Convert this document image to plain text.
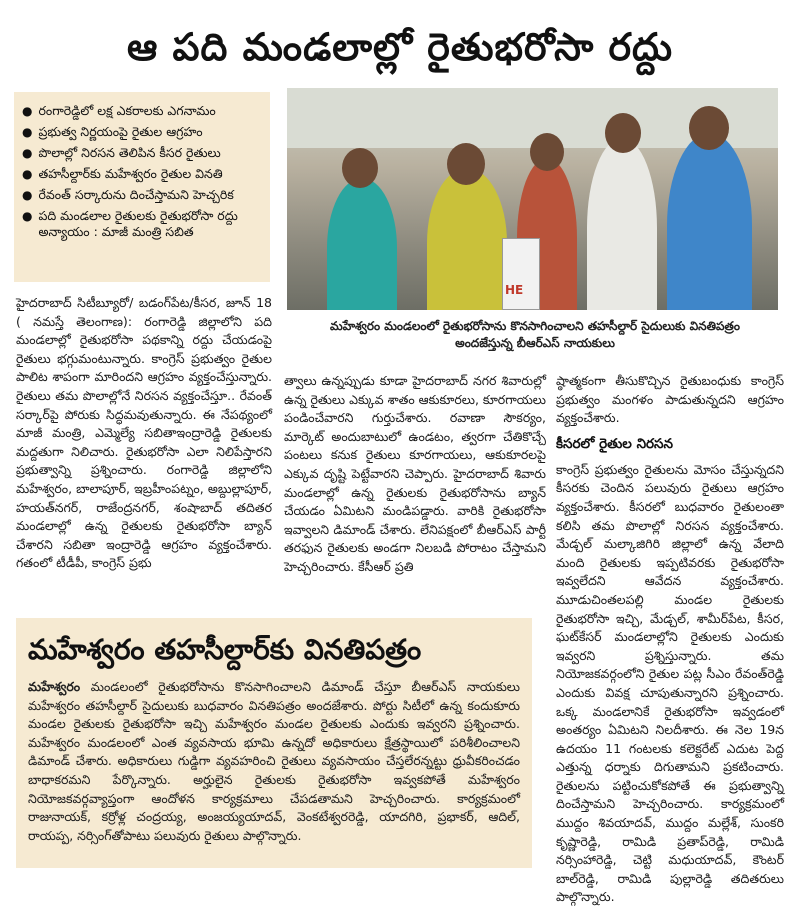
ఆ పది మండలాల్లో రైతుభరోసా రద్దు
● రంగారెడ్డిలో లక్ష ఎకరాలకు ఎగనామం
● ప్రభుత్వ నిర్ణయంపై రైతుల ఆగ్రహం
● పొలాల్లో నిరసన తెలిపిన కీసర రైతులు
● తహసీల్దార్‌కు మహేశ్వరం రైతుల వినతి
● రేవంత్ సర్కారును దించేస్తామని హెచ్చరిక
● పది మండలాల రైతులకు రైతుభరోసా రద్దు అన్యాయం : మాజీ మంత్రి సబిత
HE
మహేశ్వరం మండలంలో రైతుభరోసాను కొనసాగించాలని తహసీల్దార్ సైదులుకు వినతిపత్రం అందజేస్తున్న బీఆర్‌ఎస్ నాయకులు
హైదరాబాద్ సిటీబ్యూరో/ బడంగ్‌పేట/కీసర, జూన్ 18 ( నమస్తే తెలంగాణ): రంగారెడ్డి జిల్లాలోని పది మండలాల్లో రైతుభరోసా పథకాన్ని రద్దు చేయడంపై రైతులు భగ్గుమంటున్నారు. కాంగ్రెస్ ప్రభుత్వం రైతుల పాలిట శాపంగా మారిందని ఆగ్రహం వ్యక్తంచేస్తున్నారు. రైతులు తమ పొలాల్లోనే నిరసన వ్యక్తంచేస్తూ.. రేవంత్ సర్కార్‌పై పోరుకు సిద్ధమవుతున్నారు. ఈ నేపథ్యంలో మాజీ మంత్రి, ఎమ్మెల్యే సబితాఇంద్రారెడ్డి రైతులకు మద్దతుగా నిలిచారు. రైతుభరోసా ఎలా నిలిపేస్తారని ప్రభుత్వాన్ని ప్రశ్నించారు. రంగారెడ్డి జిల్లాలోని మహేశ్వరం, బాలాపూర్, ఇబ్రహీంపట్నం, అబ్దుల్లాపూర్, హయత్‌నగర్, రాజేంద్రనగర్, శంషాబాద్ తదితర మండలాల్లో ఉన్న రైతులకు రైతుభరోసా బ్యాన్ చేశారని సబితా ఇంద్రారెడ్డి ఆగ్రహం వ్యక్తంచేశారు. గతంలో టీడీపీ, కాంగ్రెస్ ప్రభు
త్వాలు ఉన్నప్పుడు కూడా హైదరాబాద్ నగర శివారుల్లో ఉన్న రైతులు ఎక్కువ శాతం ఆకుకూరలు, కూరగాయలు పండించేవారని గుర్తుచేశారు. రవాణా సౌకర్యం, మార్కెట్ అందుబాటులో ఉండటం, త్వరగా చేతికొచ్చే పంటలు కనుక రైతులు కూరగాయలు, ఆకుకూరలపై ఎక్కువ దృష్టి పెట్టేవారని చెప్పారు. హైదరాబాద్ శివారు మండలాల్లో ఉన్న రైతులకు రైతుభరోసాను బ్యాన్ చేయడం ఏమిటని మండిపడ్డారు. వారికి రైతుభరోసా ఇవ్వాలని డిమాండ్ చేశారు. లేనిపక్షంలో బీఆర్‌ఎస్ పార్టీ తరఫున రైతులకు అండగా నిలబడి పోరాటం చేస్తామని హెచ్చరించారు. కేసీఆర్ ప్రతి
ష్ఠాత్మకంగా తీసుకొచ్చిన రైతుబంధుకు కాంగ్రెస్ ప్రభుత్వం మంగళం పాడుతున్నదని ఆగ్రహం వ్యక్తంచేశారు.
కీసరలో రైతుల నిరసన
కాంగ్రెస్ ప్రభుత్వం రైతులను మోసం చేస్తున్నదని కీసరకు చెందిన పలువురు రైతులు ఆగ్రహం వ్యక్తంచేశారు. కీసరలో బుధవారం రైతులంతా కలిసి తమ పొలాల్లో నిరసన వ్యక్తంచేశారు. మేడ్చల్ మల్కాజిగిరి జిల్లాలో ఉన్న వేలాది మంది రైతులకు ఇప్పటివరకు రైతుభరోసా ఇవ్వలేదని ఆవేదన వ్యక్తంచేశారు. మూడుచింతలపల్లి మండల రైతులకు రైతుభరోసా ఇచ్చి, మేడ్చల్, శామీర్‌పేట, కీసర, ఘట్‌కేసర్ మండలాల్లోని రైతులకు ఎందుకు ఇవ్వరని ప్రశ్నిస్తున్నారు. తమ నియోజకవర్గంలోని రైతుల పట్ల సీఎం రేవంత్‌రెడ్డి ఎందుకు వివక్ష చూపుతున్నారని ప్రశ్నించారు. ఒక్క మండలానికే రైతుభరోసా ఇవ్వడంలో అంతర్యం ఏమిటని నిలదీశారు. ఈ నెల 19న ఉదయం 11 గంటలకు కలెక్టరేట్ ఎదుట పెద్ద ఎత్తున్న ధర్నాకు దిగుతామని ప్రకటించారు. రైతులను పట్టించుకోకపోతే ఈ ప్రభుత్వాన్ని దించేస్తామని హెచ్చరించారు. కార్యక్రమంలో ముద్దం శివయాదవ్, ముద్దం మల్లేశ్, సుంకరి కృష్ణారెడ్డి, రామిడి ప్రతాప్‌రెడ్డి, రామిడి నర్సింహారెడ్డి, చెట్టి మధుయాదవ్, కౌంటర్ బాల్‌రెడ్డి, రామిడి పుల్లారెడ్డి తదితరులు పాల్గొన్నారు.
మహేశ్వరం తహసీల్దార్‌కు వినతిపత్రం
మహేశ్వరం మండలంలో రైతుభరోసాను కొనసాగించాలని డిమాండ్ చేస్తూ బీఆర్‌ఎస్ నాయకులు మహేశ్వరం తహసీల్దార్ సైదులుకు బుధవారం వినతిపత్రం అందజేశారు. పోర్టు సిటీలో ఉన్న కందుకూరు మండల రైతులకు రైతుభరోసా ఇచ్చి మహేశ్వరం మండల రైతులకు ఎందుకు ఇవ్వరని ప్రశ్నించారు. మహేశ్వరం మండలంలో ఎంత వ్యవసాయ భూమి ఉన్నదో అధికారులు క్షేత్రస్థాయిలో పరిశీలించాలని డిమాండ్ చేశారు. అధికారులు గుడ్డిగా వ్యవహరించి రైతులు వ్యవసాయం చేస్తలేరన్నట్టు ధ్రువీకరించడం బాధాకరమని పేర్కొన్నారు. అర్హులైన రైతులకు రైతుభరోసా ఇవ్వకపోతే మహేశ్వరం నియోజకవర్గవ్యాప్తంగా ఆందోళన కార్యక్రమాలు చేపడతామని హెచ్చరించారు. కార్యక్రమంలో రాజునాయక్, కర్రోళ్ల చంద్రయ్య, అంజయ్యయాదవ్, వెంకటేశ్వరరెడ్డి, యాదగిరి, ప్రభాకర్, ఆదిల్, రాయప్ప, నర్సింగ్‌తోపాటు పలువురు రైతులు పాల్గొన్నారు.
